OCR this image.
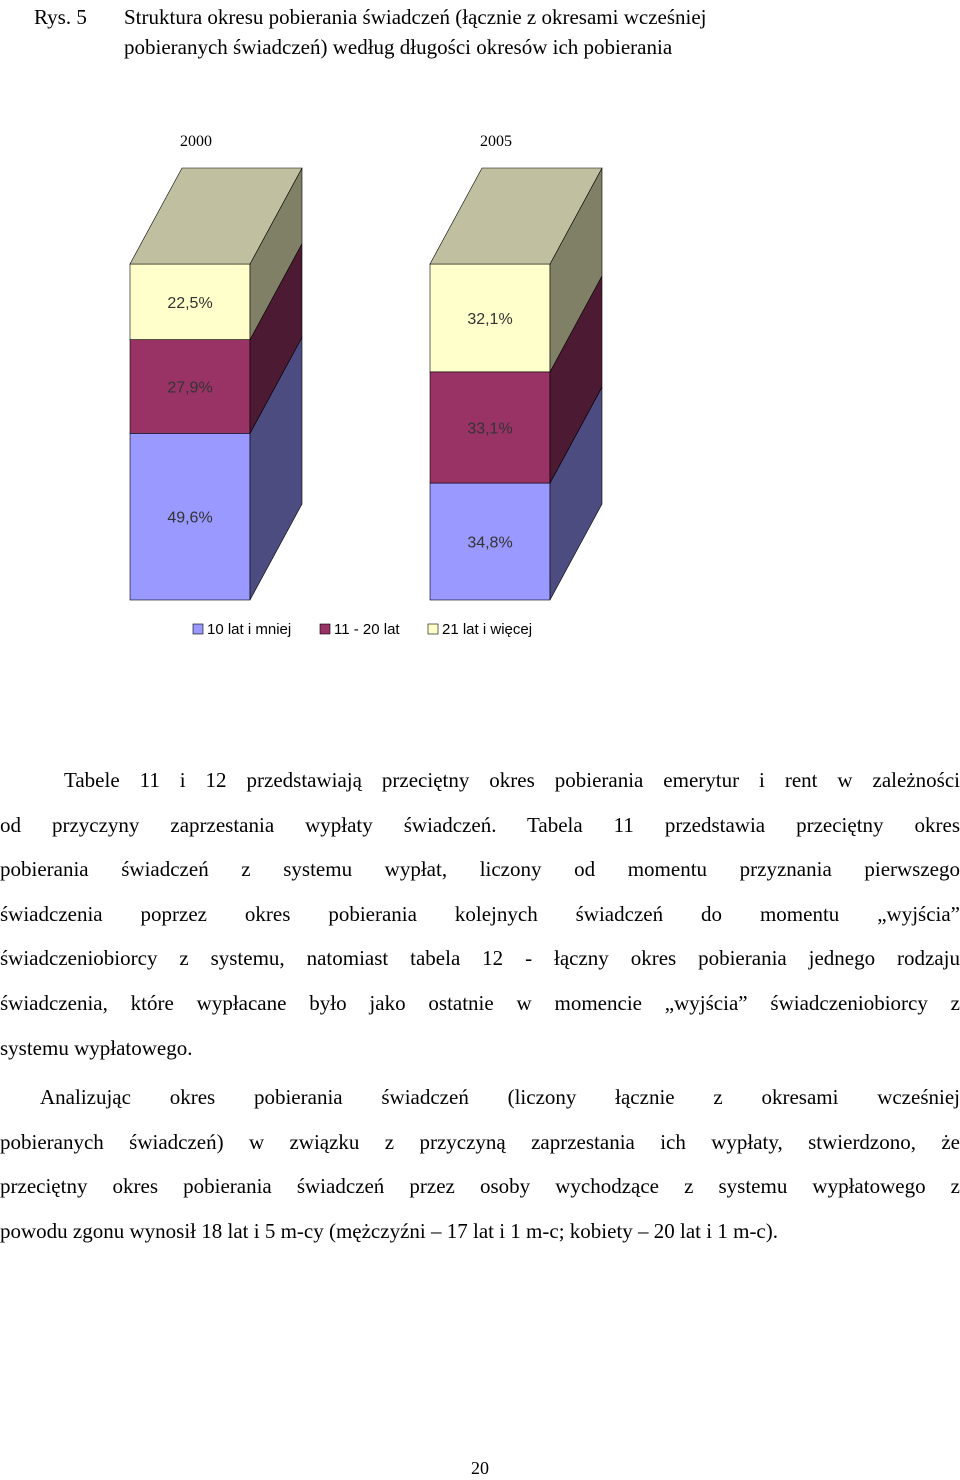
Rys. 5 Struktura okresu pobierania świadczeń (łącznie z okresami wcześniej
pobieranych świadczeń) według długości okresów ich pobierania
2000
49,6%
27,9%
22,5%
2005
34,8%
33,1%
32,1%
10 lat i mniej	11 - 20 lat	21 lat i więcej
Tabele 11 i 12 przedstawiają przeciętny okres pobierania emerytur i rent w zależności
od przyczyny zaprzestania wypłaty świadczeń. Tabela 11 przedstawia przeciętny okres
pobierania świadczeń z systemu wypłat, liczony od momentu przyznania pierwszego
świadczenia poprzez okres pobierania kolejnych świadczeń do momentu „wyjścia”
świadczeniobiorcy z systemu, natomiast tabela 12 - łączny okres pobierania jednego rodzaju
świadczenia, które wypłacane było jako ostatnie w momencie „wyjścia” świadczeniobiorcy z
systemu wypłatowego.
Analizując okres pobierania świadczeń (liczony łącznie z okresami wcześniej
pobieranych świadczeń) w związku z przyczyną zaprzestania ich wypłaty, stwierdzono, że
przeciętny okres pobierania świadczeń przez osoby wychodzące z systemu wypłatowego z
powodu zgonu wynosił 18 lat i 5 m-cy (mężczyźni – 17 lat i 1 m-c; kobiety – 20 lat i 1 m-c).
20
